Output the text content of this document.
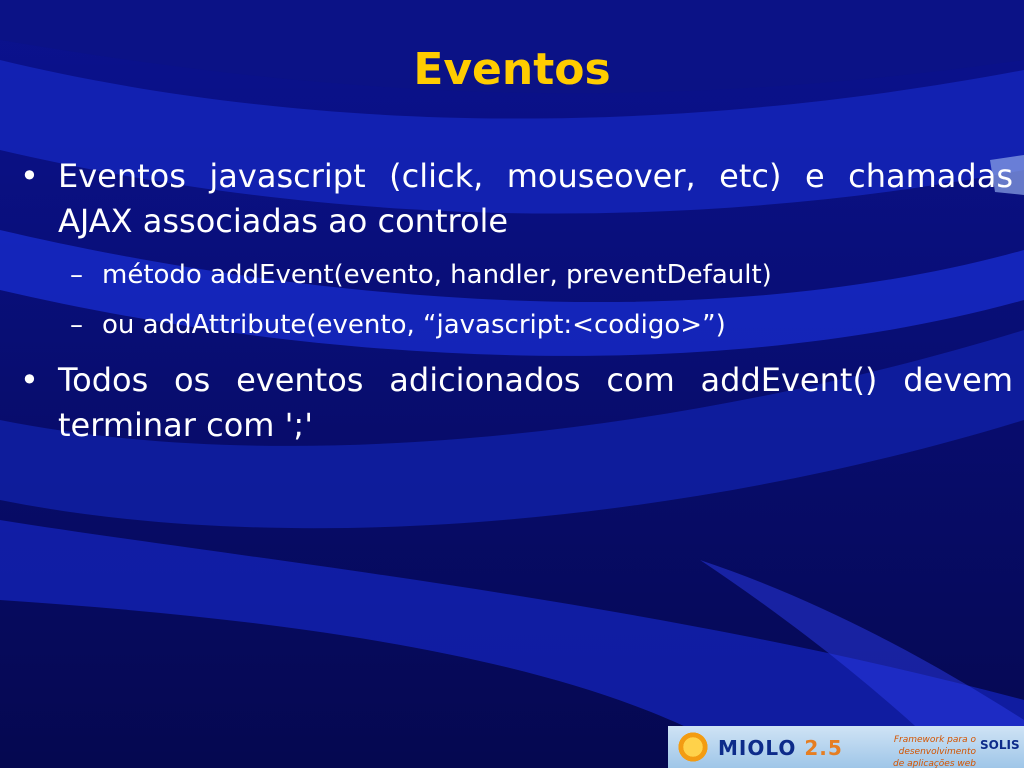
Eventos
• Eventos javascript (click, mouseover, etc) e chamadas AJAX associadas ao controle
– método addEvent(evento, handler, preventDefault)
– ou addAttribute(evento, “javascript:<codigo>”)
• Todos os eventos adicionados com addEvent() devem terminar com ';'
MIOLO 2.5	Framework para o desenvolvimento
de aplicações web
SOLIS
